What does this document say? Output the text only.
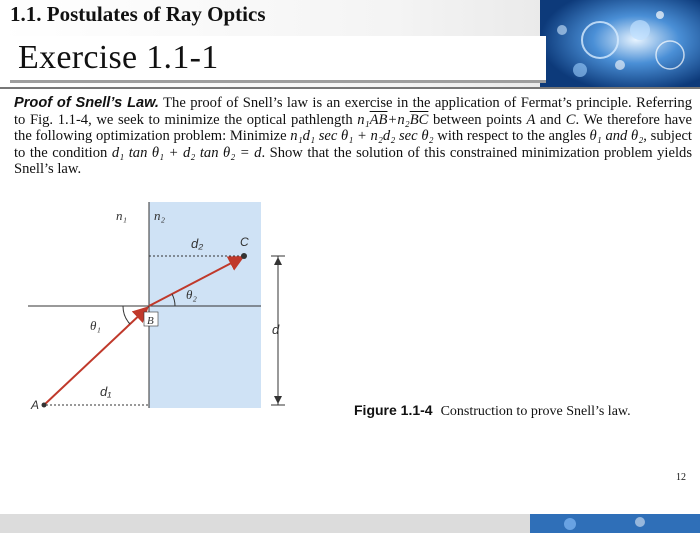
1.1. Postulates of Ray Optics
Exercise 1.1-1
Proof of Snell’s Law. The proof of Snell’s law is an exercise in the application of Fermat’s principle. Referring to Fig. 1.1-4, we seek to minimize the optical pathlength $n_1\overline{AB}+n_2\overline{BC}$ between points A and C. We therefore have the following optimization problem: Minimize n₁d₁ sec θ₁ + n₂d₂ sec θ₂ with respect to the angles θ₁ and θ₂, subject to the condition d₁ tan θ₁ + d₂ tan θ₂ = d. Show that the solution of this constrained minimization problem yields Snell’s law.
n₁ n₂
d₂	C
θ₂
θ₁	B
d
A
d₁
Figure 1.1-4 Construction to prove Snell’s law.
12
